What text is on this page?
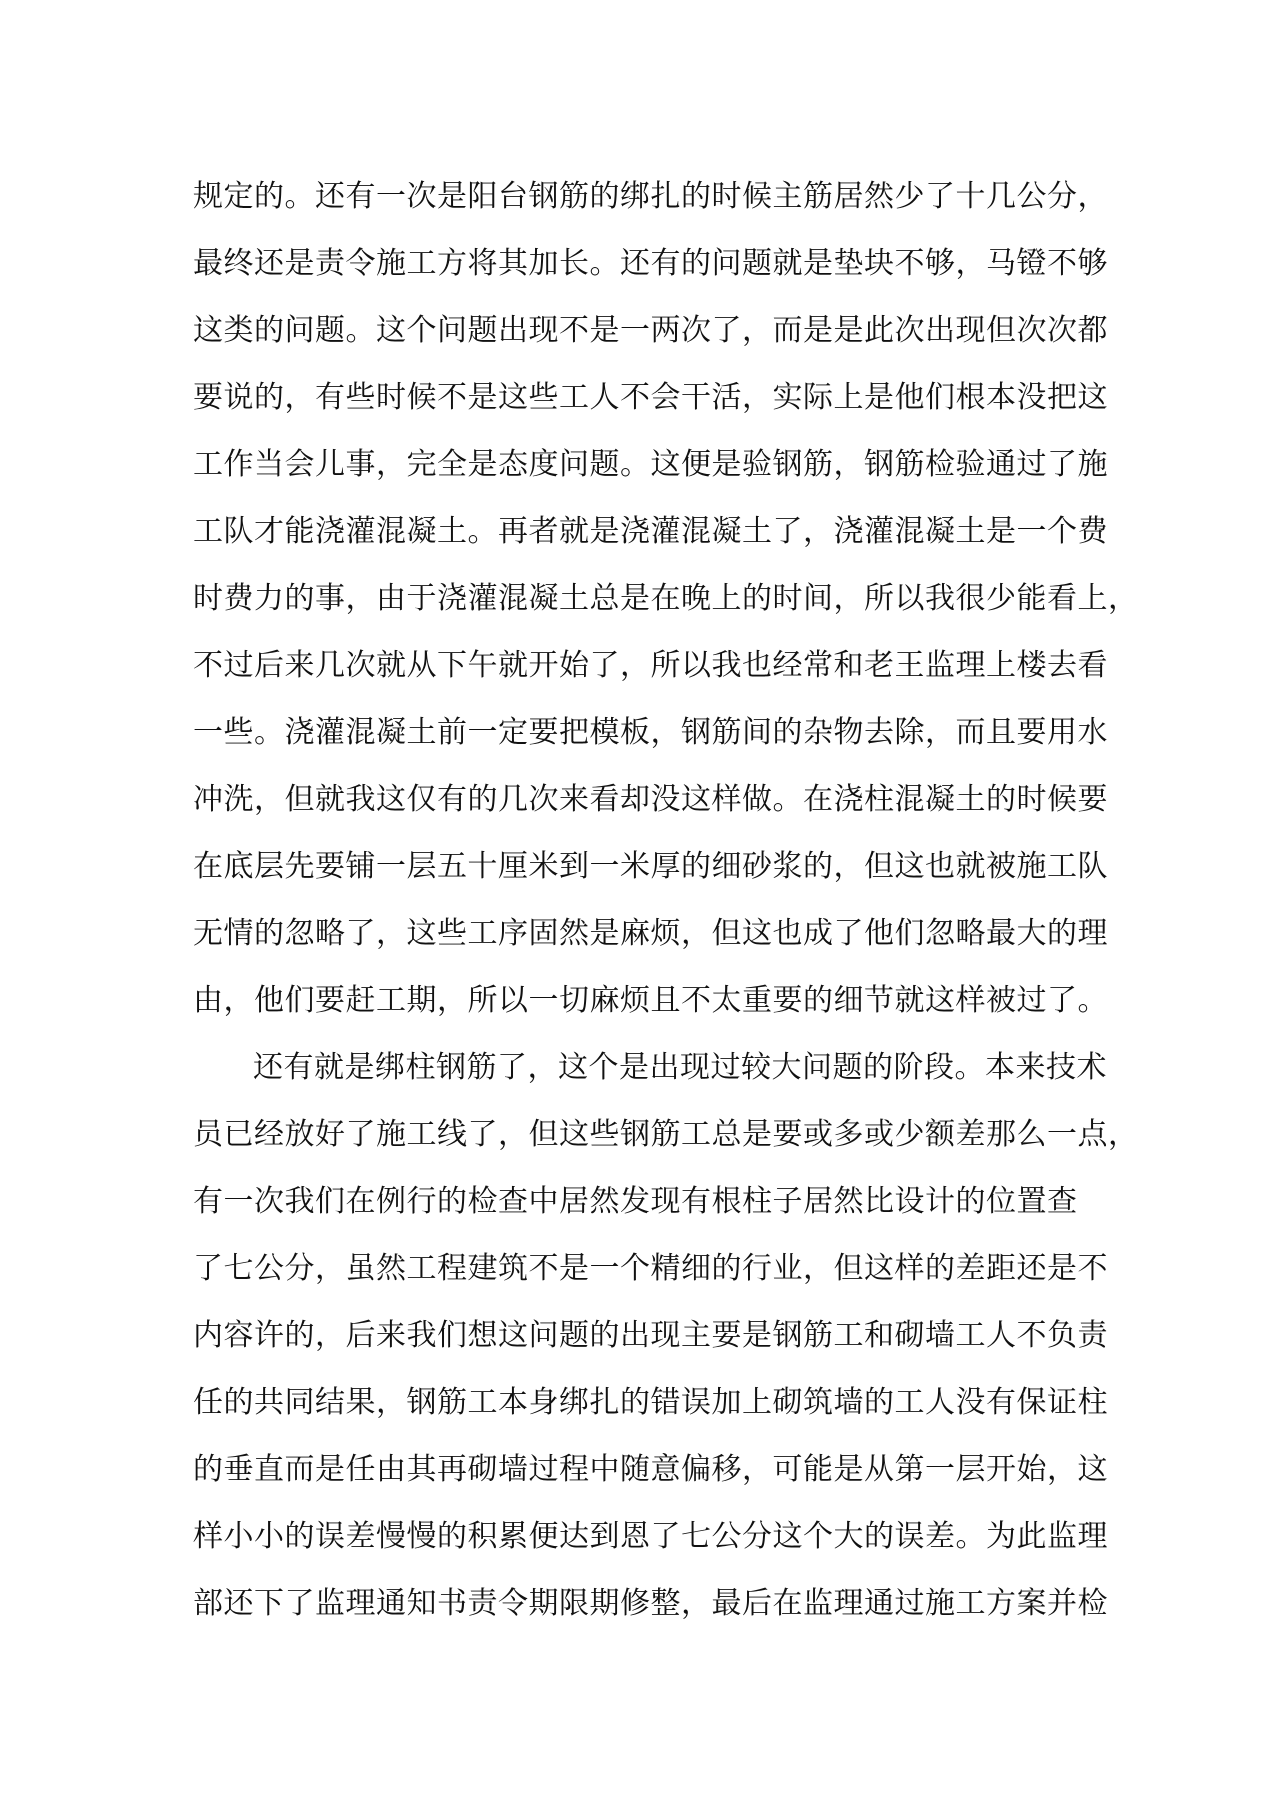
规定的。还有一次是阳台钢筋的绑扎的时候主筋居然少了十几公分，
最终还是责令施工方将其加长。还有的问题就是垫块不够，马镫不够
这类的问题。这个问题出现不是一两次了，而是是此次出现但次次都
要说的，有些时候不是这些工人不会干活，实际上是他们根本没把这
工作当会儿事，完全是态度问题。这便是验钢筋，钢筋检验通过了施
工队才能浇灌混凝土。再者就是浇灌混凝土了，浇灌混凝土是一个费
时费力的事，由于浇灌混凝土总是在晚上的时间，所以我很少能看上，
不过后来几次就从下午就开始了，所以我也经常和老王监理上楼去看
一些。浇灌混凝土前一定要把模板，钢筋间的杂物去除，而且要用水
冲洗，但就我这仅有的几次来看却没这样做。在浇柱混凝土的时候要
在底层先要铺一层五十厘米到一米厚的细砂浆的，但这也就被施工队
无情的忽略了，这些工序固然是麻烦，但这也成了他们忽略最大的理
由，他们要赶工期，所以一切麻烦且不太重要的细节就这样被过了。
还有就是绑柱钢筋了，这个是出现过较大问题的阶段。本来技术
员已经放好了施工线了，但这些钢筋工总是要或多或少额差那么一点，
有一次我们在例行的检查中居然发现有根柱子居然比设计的位置查
了七公分，虽然工程建筑不是一个精细的行业，但这样的差距还是不
内容许的，后来我们想这问题的出现主要是钢筋工和砌墙工人不负责
任的共同结果，钢筋工本身绑扎的错误加上砌筑墙的工人没有保证柱
的垂直而是任由其再砌墙过程中随意偏移，可能是从第一层开始，这
样小小的误差慢慢的积累便达到恩了七公分这个大的误差。为此监理
部还下了监理通知书责令期限期修整，最后在监理通过施工方案并检
